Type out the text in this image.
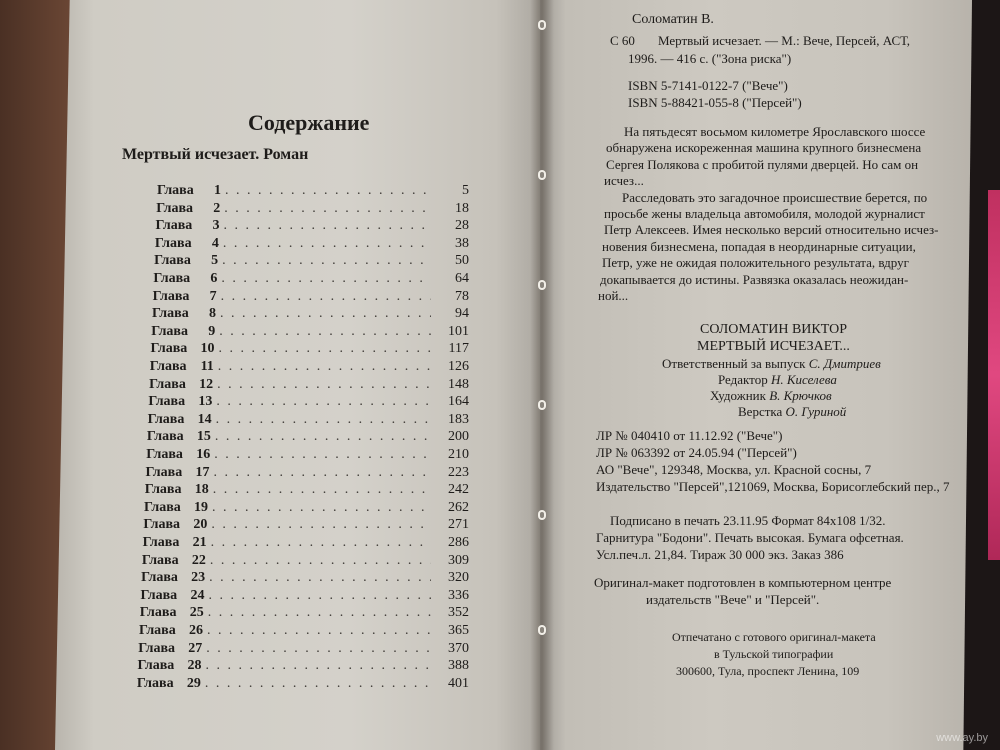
Содержание
Мертвый исчезает. Роман
Глава	1 . . .	5
Глава	2 . . .	18
Глава	3 . . .	28
Глава	4 . . .	38
Глава	5 . . .	50
Глава	6 . . .	64
Глава	7 . . .	78
Глава	8 . . .	94
Глава	9 . . .	101
Глава 10 . . .	117
Глава	11 . . .	126
Глава 12 . . .	148
Глава 13 . . .	164
Глава 14 . . .	183
Глава 15 . . .	200
Глава 16 . . .	210
Глава 17 . . .	223
Глава 18 . . .	242
Глава 19 . . .	262
Глава 20 . . .	271
Глава 21 . . .	286
Глава 22 . . .	309
Глава 23 . . .	320
Глава 24 . . .	336
Глава 25 . . .	352
Глава 26 . . .	365
Глава 27 . . .	370
Глава 28 . . .	388
Глава 29 . . .	401
Соломатин В.
С 60 Мертвый исчезает. — М.: Вече, Персей, АСТ,
1996. — 416 с. ("Зона риска")
ISBN 5-7141-0122-7 ("Вече")
ISBN 5-88421-055-8 ("Персей")
На пятьдесят восьмом километре Ярославского шоссе
обнаружена искореженная машина крупного бизнесмена
Сергея Полякова с пробитой пулями дверцей. Но сам он
исчез...
Расследовать это загадочное происшествие берется, по
просьбе жены владельца автомобиля, молодой журналист
Петр Алексеев. Имея несколько версий относительно исчез-
новения бизнесмена, попадая в неординарные ситуации,
Петр, уже не ожидая положительного результата, вдруг
докапывается до истины. Развязка оказалась неожидан-
ной...
СОЛОМАТИН ВИКТОР
МЕРТВЫЙ ИСЧЕЗАЕТ...
Ответственный за выпуск С. Дмитриев
Редактор Н. Киселева
Художник В. Крючков
Верстка О. Гуриной
ЛР № 040410 от 11.12.92 ("Вече")
ЛР № 063392 от 24.05.94 ("Персей")
АО "Вече", 129348, Москва, ул. Красной сосны, 7
Издательство "Персей",121069, Москва, Борисоглебский пер., 7
Подписано в печать 23.11.95 Формат 84х108 1/32.
Гарнитура "Бодони". Печать высокая. Бумага офсетная.
Усл.печ.л. 21,84. Тираж 30 000 экз. Заказ 386
Оригинал-макет подготовлен в компьютерном центре
издательств "Вече" и "Персей".
Отпечатано с готового оригинал-макета
в Тульской типографии
300600, Тула, проспект Ленина, 109
www.ay.by
